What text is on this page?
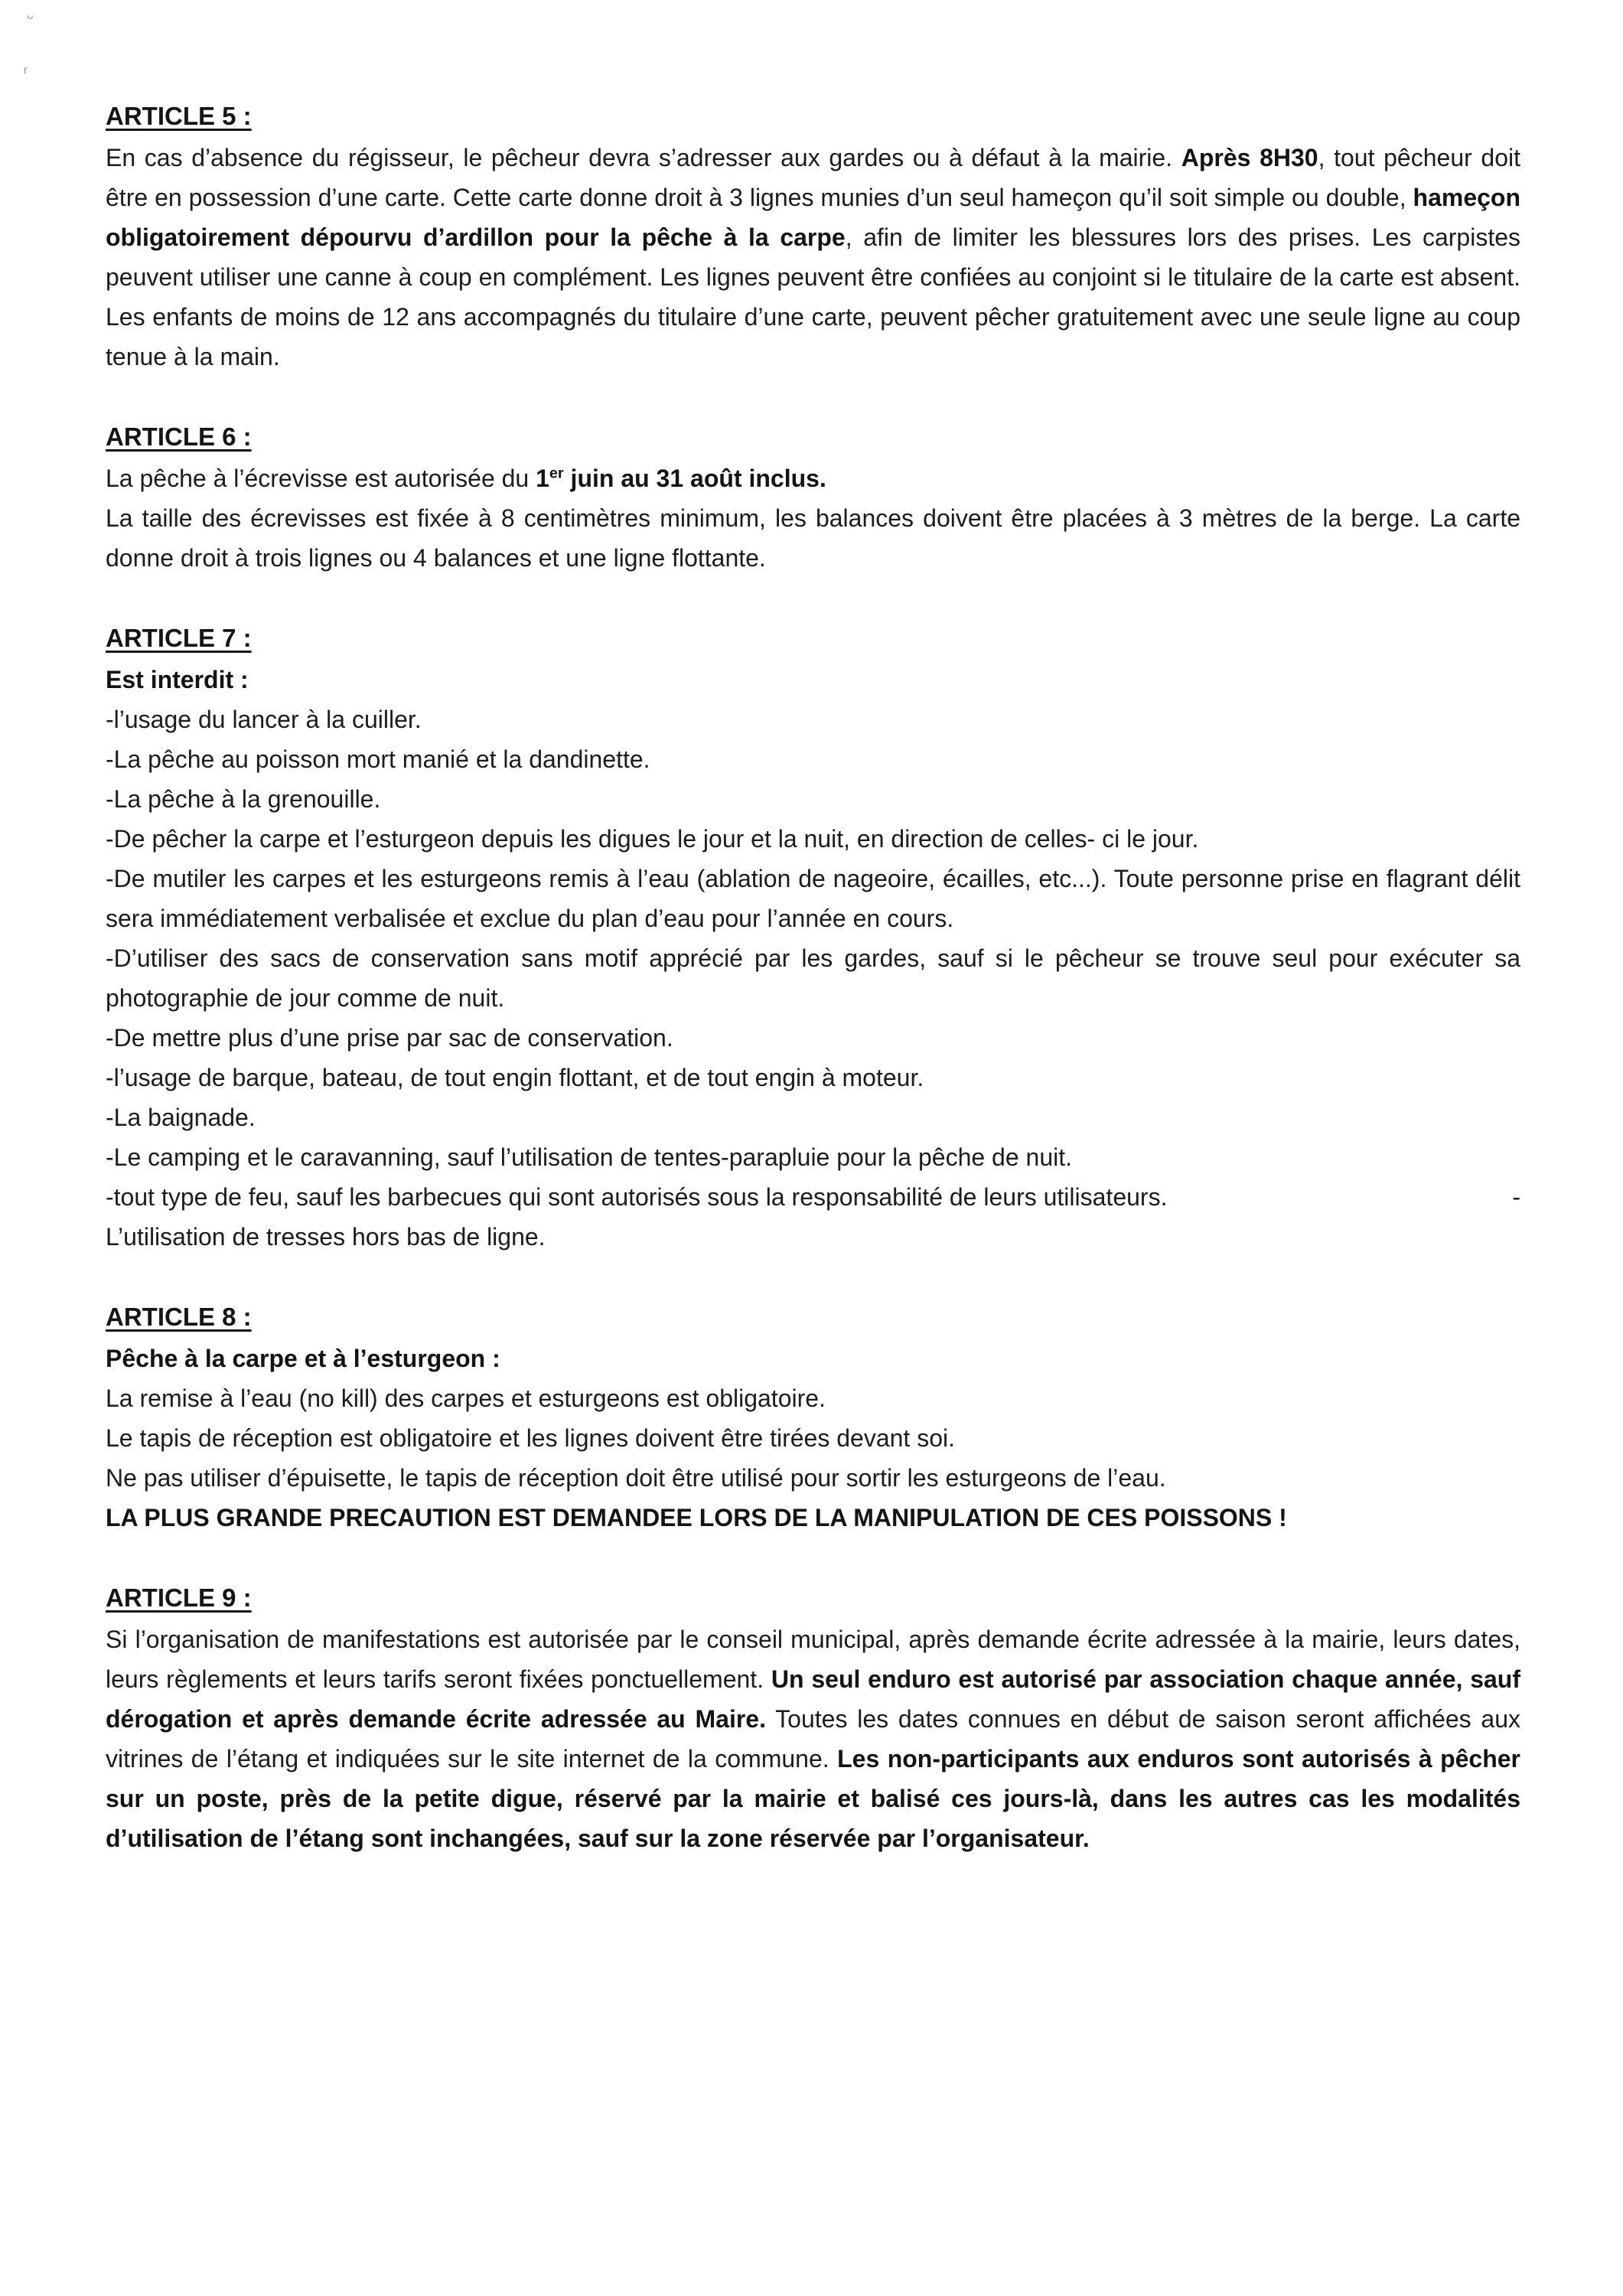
ᵕ
ʳ
ARTICLE 5 :

En cas d’absence du régisseur, le pêcheur devra s’adresser aux gardes ou à défaut à la mairie. Après 8H30, tout pêcheur doit être en possession d’une carte. Cette carte donne droit à 3 lignes munies d’un seul hameçon qu’il soit simple ou double, hameçon obligatoirement dépourvu d’ardillon pour la pêche à la carpe, afin de limiter les blessures lors des prises. Les carpistes peuvent utiliser une canne à coup en complément. Les lignes peuvent être confiées au conjoint si le titulaire de la carte est absent. Les enfants de moins de 12 ans accompagnés du titulaire d’une carte, peuvent pêcher gratuitement avec une seule ligne au coup tenue à la main.

ARTICLE 6 :

La pêche à l’écrevisse est autorisée du 1er juin au 31 août inclus.

La taille des écrevisses est fixée à 8 centimètres minimum, les balances doivent être placées à 3 mètres de la berge. La carte donne droit à trois lignes ou 4 balances et une ligne flottante.

ARTICLE 7 :

Est interdit :

-l’usage du lancer à la cuiller.

-La pêche au poisson mort manié et la dandinette.

-La pêche à la grenouille.

-De pêcher la carpe et l’esturgeon depuis les digues le jour et la nuit, en direction de celles- ci le jour.

-De mutiler les carpes et les esturgeons remis à l’eau (ablation de nageoire, écailles, etc...). Toute personne prise en flagrant délit sera immédiatement verbalisée et exclue du plan d’eau pour l’année en cours.

-D’utiliser des sacs de conservation sans motif apprécié par les gardes, sauf si le pêcheur se trouve seul pour exécuter sa photographie de jour comme de nuit.

-De mettre plus d’une prise par sac de conservation.

-l’usage de barque, bateau, de tout engin flottant, et de tout engin à moteur.

-La baignade.

-Le camping et le caravanning, sauf l’utilisation de tentes-parapluie pour la pêche de nuit.

-
-tout type de feu, sauf les barbecues qui sont autorisés sous la responsabilité de leurs utilisateurs.

L’utilisation de tresses hors bas de ligne.

ARTICLE 8 :

Pêche à la carpe et à l’esturgeon :

La remise à l’eau (no kill) des carpes et esturgeons est obligatoire.

Le tapis de réception est obligatoire et les lignes doivent être tirées devant soi.

Ne pas utiliser d’épuisette, le tapis de réception doit être utilisé pour sortir les esturgeons de l’eau.

LA PLUS GRANDE PRECAUTION EST DEMANDEE LORS DE LA MANIPULATION DE CES POISSONS !

ARTICLE 9 :

Si l’organisation de manifestations est autorisée par le conseil municipal, après demande écrite adressée à la mairie, leurs dates, leurs règlements et leurs tarifs seront fixées ponctuellement. Un seul enduro est autorisé par association chaque année, sauf dérogation et après demande écrite adressée au Maire. Toutes les dates connues en début de saison seront affichées aux vitrines de l’étang et indiquées sur le site internet de la commune. Les non-participants aux enduros sont autorisés à pêcher sur un poste, près de la petite digue, réservé par la mairie et balisé ces jours-là, dans les autres cas les modalités d’utilisation de l’étang sont inchangées, sauf sur la zone réservée par l’organisateur.
